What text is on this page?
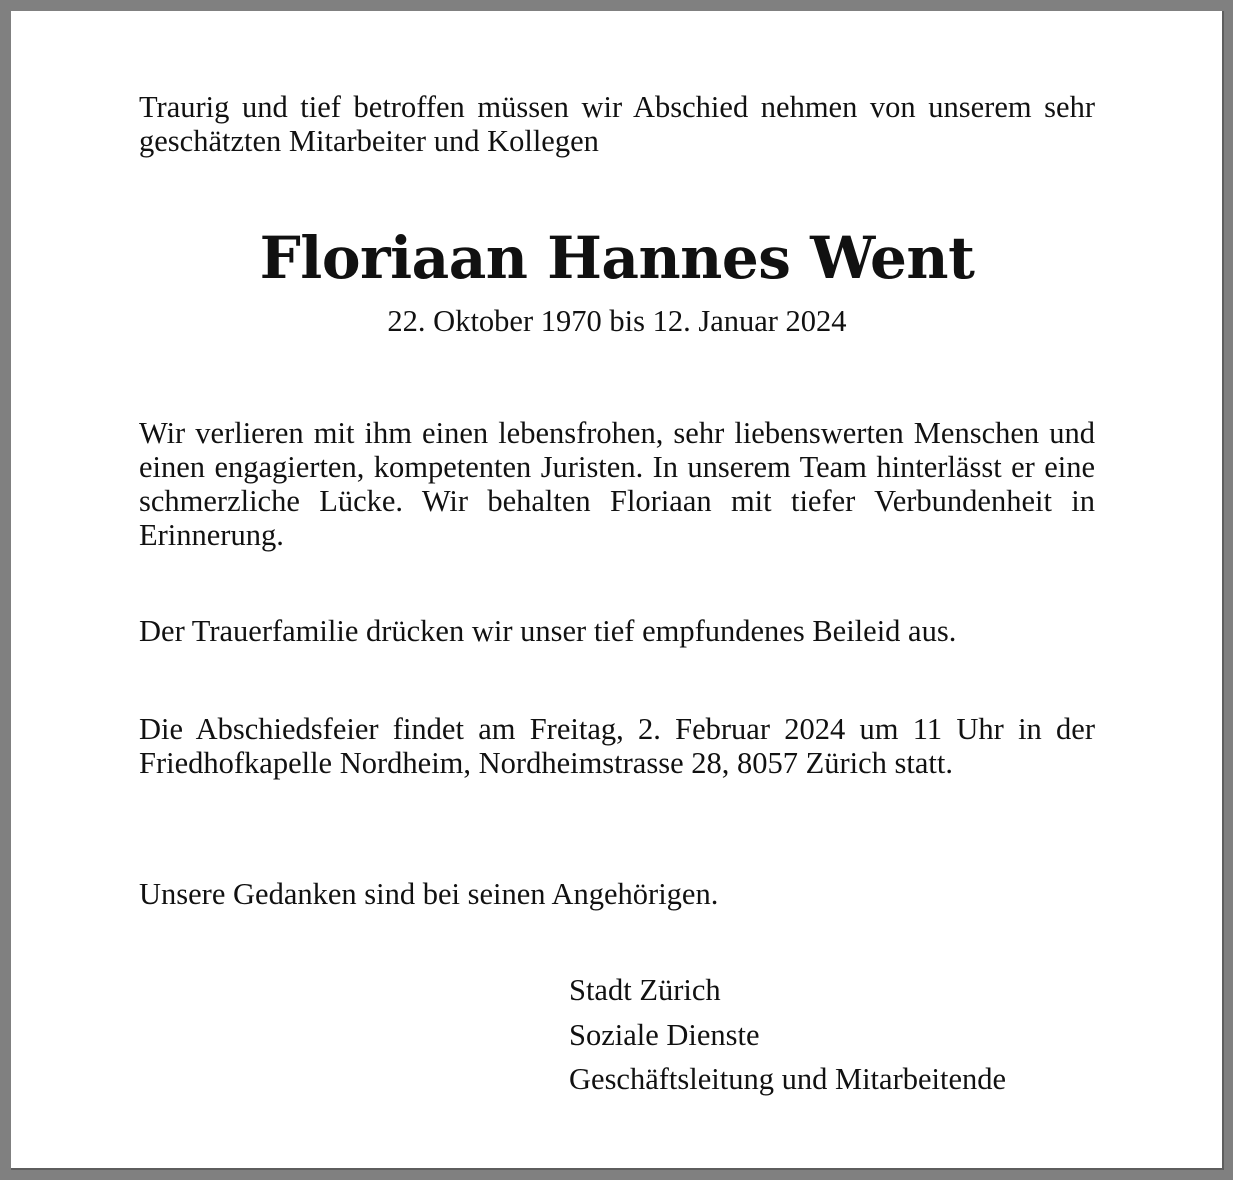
Traurig und tief betroffen müssen wir Abschied nehmen von unserem sehr geschätzten Mitarbeiter und Kollegen

Floriaan Hannes Went

22. Oktober 1970 bis 12. Januar 2024

Wir verlieren mit ihm einen lebensfrohen, sehr liebenswerten Menschen und einen engagierten, kompetenten Juristen. In unserem Team hinterlässt er eine schmerzliche Lücke. Wir behalten Floriaan mit tiefer Verbundenheit in Erinnerung.

Der Trauerfamilie drücken wir unser tief empfundenes Beileid aus.

Die Abschiedsfeier findet am Freitag, 2. Februar 2024 um 11 Uhr in der Friedhofkapelle Nordheim, Nordheimstrasse 28, 8057 Zürich statt.

Unsere Gedanken sind bei seinen Angehörigen.

Stadt Zürich
Soziale Dienste
Geschäftsleitung und Mitarbeitende
